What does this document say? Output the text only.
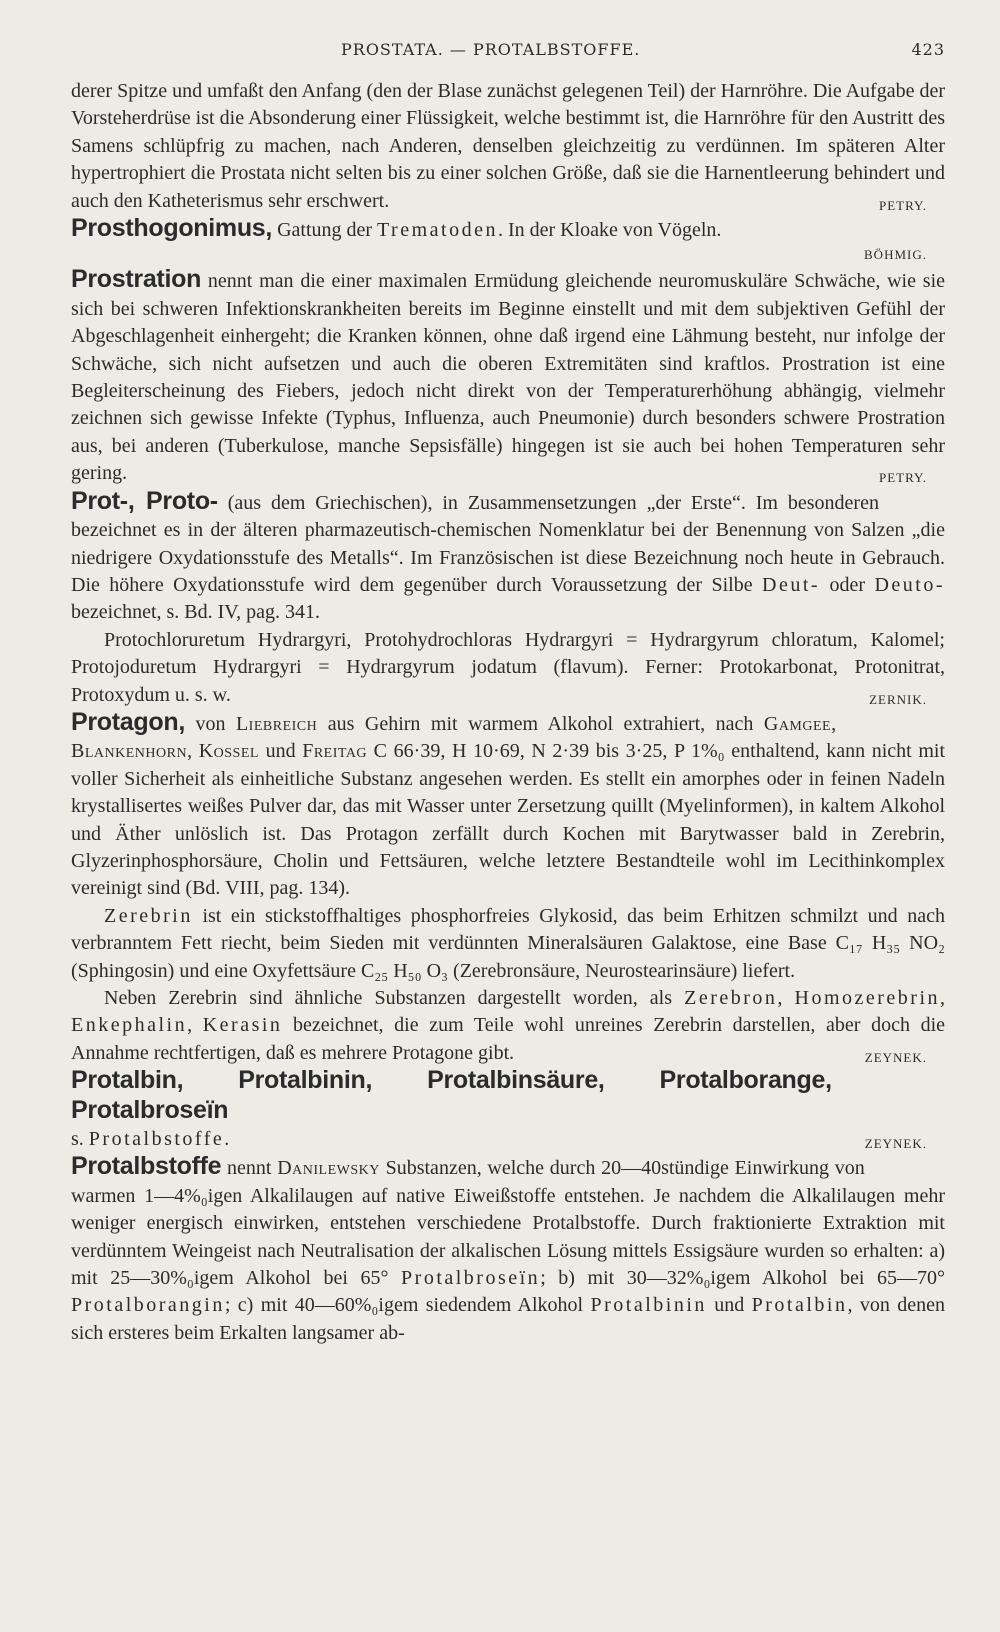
PROSTATA. — PROTALBSTOFFE.	423

derer Spitze und umfaßt den Anfang (den der Blase zunächst gelegenen Teil) der Harnröhre. Die Aufgabe der Vorsteherdrüse ist die Absonderung einer Flüssigkeit, welche bestimmt ist, die Harnröhre für den Austritt des Samens schlüpfrig zu machen, nach Anderen, denselben gleichzeitig zu verdünnen. Im späteren Alter hypertrophiert die Prostata nicht selten bis zu einer solchen Größe, daß sie die Harnentleerung behindert und auch den Katheterismus sehr erschwert.	PETRY.

Prosthogonimus, Gattung der Trematoden. In der Kloake von Vögeln.

BÖHMIG.

Prostration nennt man die einer maximalen Ermüdung gleichende neuromuskuläre Schwäche, wie sie sich bei schweren Infektionskrankheiten bereits im Beginne einstellt und mit dem subjektiven Gefühl der Abgeschlagenheit einhergeht; die Kranken können, ohne daß irgend eine Lähmung besteht, nur infolge der Schwäche, sich nicht aufsetzen und auch die oberen Extremitäten sind kraftlos. Prostration ist eine Begleiterscheinung des Fiebers, jedoch nicht direkt von der Temperaturerhöhung abhängig, vielmehr zeichnen sich gewisse Infekte (Typhus, Influenza, auch Pneumonie) durch besonders schwere Prostration aus, bei anderen (Tuberkulose, manche Sepsisfälle) hingegen ist sie auch bei hohen Temperaturen sehr gering.	PETRY.

Prot-, Proto- (aus dem Griechischen), in Zusammensetzungen „der Erste“. Im besonderen bezeichnet es in der älteren pharmazeutisch-chemischen Nomenklatur bei der Benennung von Salzen „die niedrigere Oxydationsstufe des Metalls“. Im Französischen ist diese Bezeichnung noch heute in Gebrauch. Die höhere Oxydationsstufe wird dem gegenüber durch Voraussetzung der Silbe Deut- oder Deuto- bezeichnet, s. Bd. IV, pag. 341.

Protochloruretum Hydrargyri, Protohydrochloras Hydrargyri = Hydrargyrum chloratum, Kalomel; Protojoduretum Hydrargyri = Hydrargyrum jodatum (flavum). Ferner: Protokarbonat, Protonitrat, Protoxydum u. s. w.	ZERNIK.

Protagon, von Liebreich aus Gehirn mit warmem Alkohol extrahiert, nach Gamgee, Blankenhorn, Kossel und Freitag C 66·39, H 10·69, N 2·39 bis 3·25, P 1%₀ enthaltend, kann nicht mit voller Sicherheit als einheitliche Substanz angesehen werden. Es stellt ein amorphes oder in feinen Nadeln krystallisertes weißes Pulver dar, das mit Wasser unter Zersetzung quillt (Myelinformen), in kaltem Alkohol und Äther unlöslich ist. Das Protagon zerfällt durch Kochen mit Barytwasser bald in Zerebrin, Glyzerinphosphorsäure, Cholin und Fettsäuren, welche letztere Bestandteile wohl im Lecithinkomplex vereinigt sind (Bd. VIII, pag. 134).

Zerebrin ist ein stickstoffhaltiges phosphorfreies Glykosid, das beim Erhitzen schmilzt und nach verbranntem Fett riecht, beim Sieden mit verdünnten Mineralsäuren Galaktose, eine Base C₁₇ H₃₅ NO₂ (Sphingosin) und eine Oxyfettsäure C₂₅ H₅₀ O₃ (Zerebronsäure, Neurostearinsäure) liefert.

Neben Zerebrin sind ähnliche Substanzen dargestellt worden, als Zerebron, Homozerebrin, Enkephalin, Kerasin bezeichnet, die zum Teile wohl unreines Zerebrin darstellen, aber doch die Annahme rechtfertigen, daß es mehrere Protagone gibt.	ZEYNEK.

Protalbin, Protalbinin, Protalbinsäure, Protalborange, Protalbroseïn
s. Protalbstoffe.	ZEYNEK.

Protalbstoffe nennt Danilewsky Substanzen, welche durch 20—40stündige Einwirkung von warmen 1—4%₀igen Alkalilaugen auf native Eiweißstoffe entstehen. Je nachdem die Alkalilaugen mehr weniger energisch einwirken, entstehen verschiedene Protalbstoffe. Durch fraktionierte Extraktion mit verdünntem Weingeist nach Neutralisation der alkalischen Lösung mittels Essigsäure wurden so erhalten: a) mit 25—30%₀igem Alkohol bei 65° Protalbroseïn; b) mit 30—32%₀igem Alkohol bei 65—70° Protalborangin; c) mit 40—60%₀igem siedendem Alkohol Protalbinin und Protalbin, von denen sich ersteres beim Erkalten langsamer ab-
